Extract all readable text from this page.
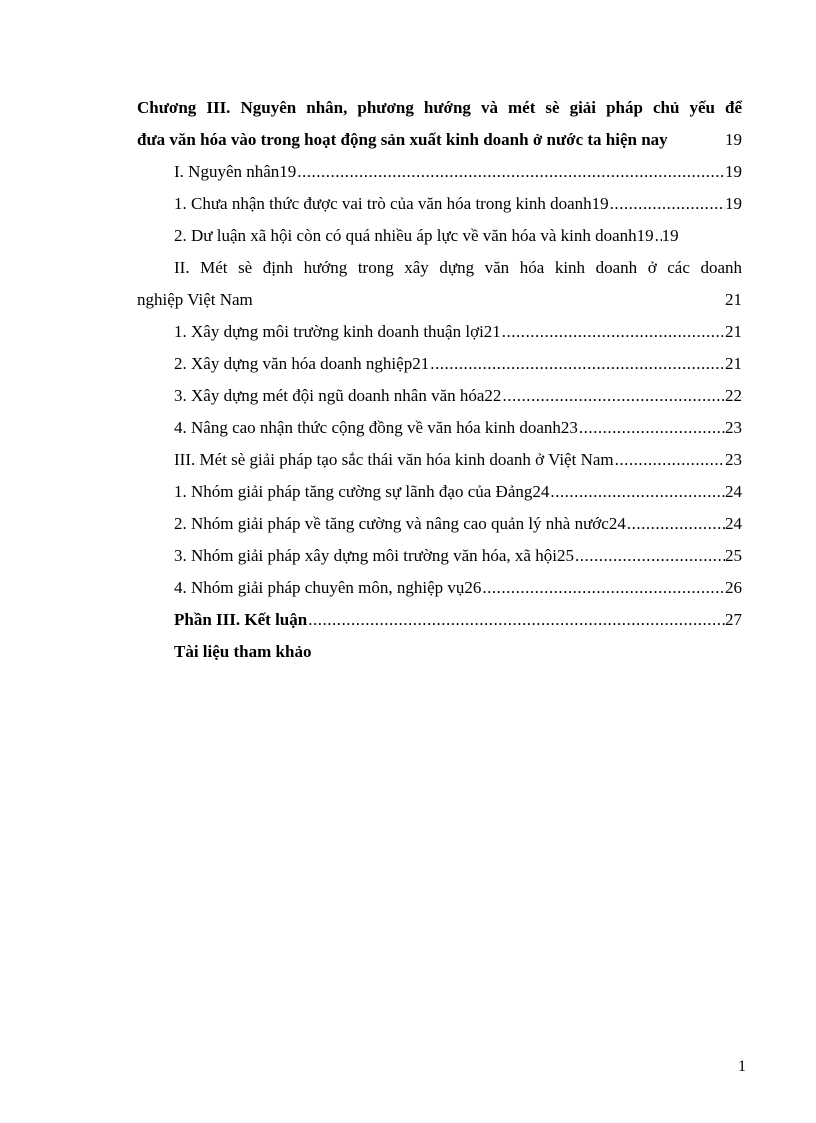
Chương III. Nguyên nhân, phương hướng và mét sè giải pháp chủ yếu để
đưa văn hóa vào trong hoạt động sản xuất kinh doanh ở nước ta hiện nay	19
I. Nguyên nhân19 .....	19
1. Chưa nhận thức được vai trò của văn hóa trong kinh doanh19 .....	19
2. Dư luận xã hội còn có quá nhiều áp lực về văn hóa và kinh doanh19 ..... 19
II. Mét sè định hướng trong xây dựng văn hóa kinh doanh ở các doanh
nghiệp Việt Nam	21
1. Xây dựng môi trường kinh doanh thuận lợi21 .....	21
2. Xây dựng văn hóa doanh nghiệp21 .....	21
3. Xây dựng mét đội ngũ doanh nhân văn hóa22 .....	22
4. Nâng cao nhận thức cộng đồng về văn hóa kinh doanh23 .....	23
III. Mét sè giải pháp tạo sắc thái văn hóa kinh doanh ở Việt Nam .....	23
1. Nhóm giải pháp tăng cường sự lãnh đạo của Đảng24 .....	24
2. Nhóm giải pháp về tăng cường và nâng cao quản lý nhà nước24 .....	24
3. Nhóm giải pháp xây dựng môi trường văn hóa, xã hội25 .....	25
4. Nhóm giải pháp chuyên môn, nghiệp vụ26 .....	26
Phần III. Kết luận .....	27
Tài liệu tham khảo
1
